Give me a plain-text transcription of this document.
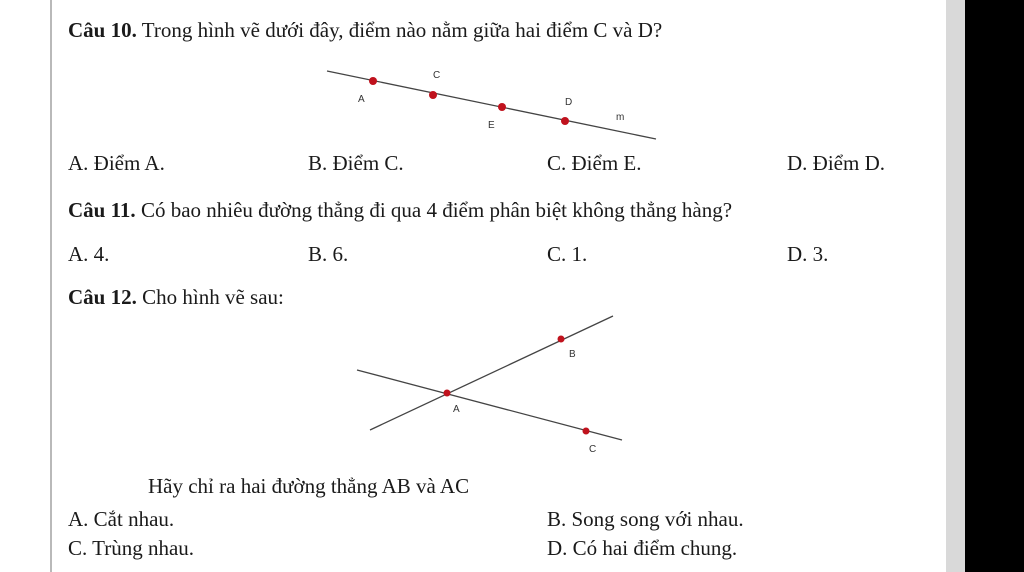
Câu 10. Trong hình vẽ dưới đây, điểm nào nằm giữa hai điểm C và D?
A
C
E
D
m
A. Điểm A.	B. Điểm C.	C. Điểm E.	D. Điểm D.
Câu 11. Có bao nhiêu đường thẳng đi qua 4 điểm phân biệt không thẳng hàng?
A. 4.	B. 6.	C. 1.	D. 3.
Câu 12. Cho hình vẽ sau:
A
B
C
Hãy chỉ ra hai đường thẳng AB và AC
A. Cắt nhau.	B. Song song với nhau.
C. Trùng nhau.	D. Có hai điểm chung.
